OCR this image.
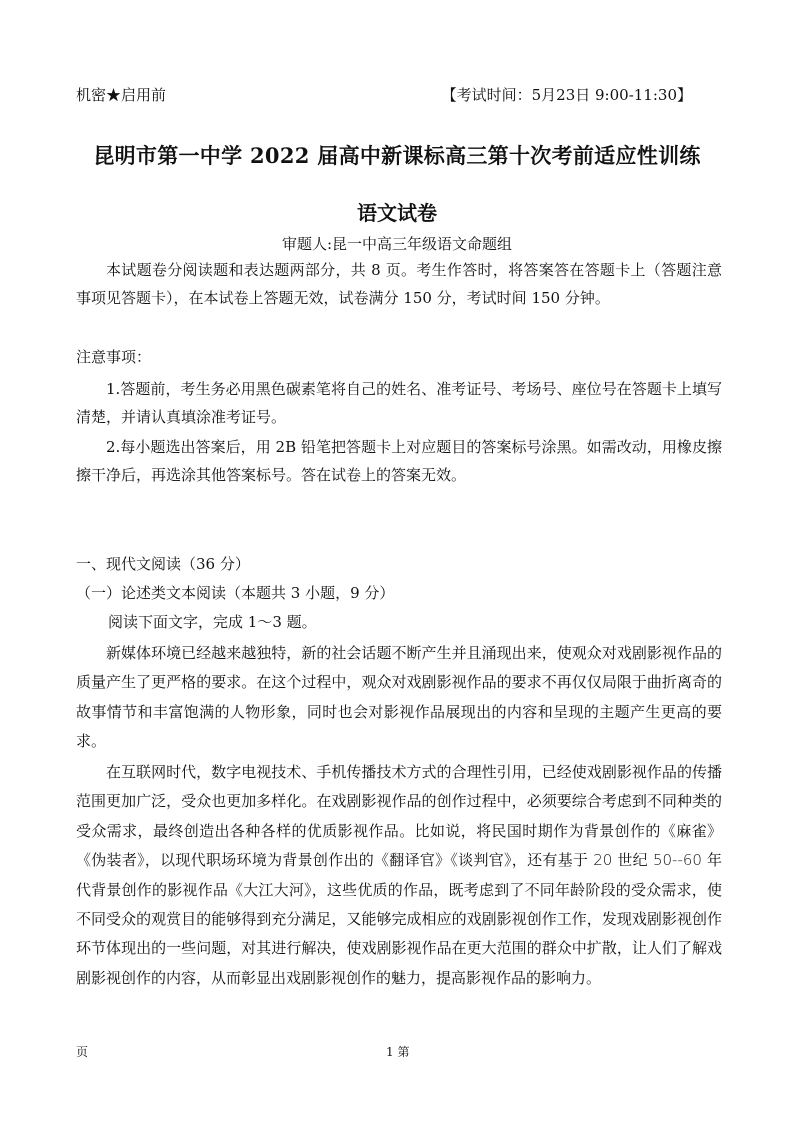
机密★启用前	【考试时间：5月23日 9:00-11:30】
昆明市第一中学 2022 届高中新课标高三第十次考前适应性训练
语文试卷
审题人:昆一中高三年级语文命题组
本试题卷分阅读题和表达题两部分，共 8 页。考生作答时，将答案答在答题卡上（答题注意事项见答题卡），在本试卷上答题无效，试卷满分 150 分，考试时间 150 分钟。
注意事项：
1.答题前，考生务必用黑色碳素笔将自己的姓名、准考证号、考场号、座位号在答题卡上填写清楚，并请认真填涂准考证号。
2.每小题选出答案后，用 2B 铅笔把答题卡上对应题目的答案标号涂黑。如需改动，用橡皮擦擦干净后，再选涂其他答案标号。答在试卷上的答案无效。
一、现代文阅读（36 分）
（一）论述类文本阅读（本题共 3 小题，9 分）
阅读下面文字，完成 1～3 题。
新媒体环境已经越来越独特，新的社会话题不断产生并且涌现出来，使观众对戏剧影视作品的质量产生了更严格的要求。在这个过程中，观众对戏剧影视作品的要求不再仅仅局限于曲折离奇的故事情节和丰富饱满的人物形象，同时也会对影视作品展现出的内容和呈现的主题产生更高的要求。
在互联网时代，数字电视技术、手机传播技术方式的合理性引用，已经使戏剧影视作品的传播范围更加广泛，受众也更加多样化。在戏剧影视作品的创作过程中，必须要综合考虑到不同种类的受众需求，最终创造出各种各样的优质影视作品。比如说，将民国时期作为背景创作的《麻雀》《伪装者》，以现代职场环境为背景创作出的《翻译官》《谈判官》，还有基于 20 世纪 50--60 年代背景创作的影视作品《大江大河》，这些优质的作品，既考虑到了不同年龄阶段的受众需求，使不同受众的观赏目的能够得到充分满足，又能够完成相应的戏剧影视创作工作，发现戏剧影视创作环节体现出的一些问题，对其进行解决，使戏剧影视作品在更大范围的群众中扩散，让人们了解戏剧影视创作的内容，从而彰显出戏剧影视创作的魅力，提高影视作品的影响力。
页	1 第
